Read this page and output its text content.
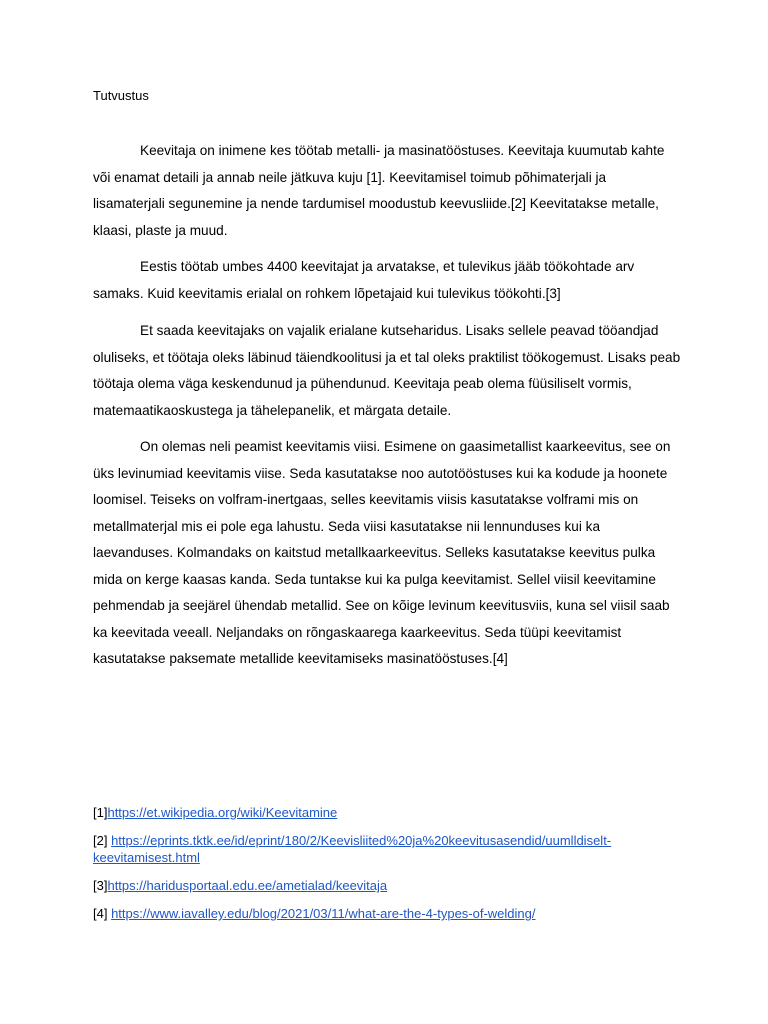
Tutvustus

Keevitaja on inimene kes töötab metalli- ja masinatööstuses. Keevitaja kuumutab kahte või enamat detaili ja annab neile jätkuva kuju [1]. Keevitamisel toimub põhimaterjali ja lisamaterjali segunemine ja nende tardumisel moodustub keevusliide.[2] Keevitatakse metalle, klaasi, plaste ja muud.

Eestis töötab umbes 4400 keevitajat ja arvatakse, et tulevikus jääb töökohtade arv samaks. Kuid keevitamis erialal on rohkem lõpetajaid kui tulevikus töökohti.[3]

Et saada keevitajaks on vajalik erialane kutseharidus. Lisaks sellele peavad tööandjad oluliseks, et töötaja oleks läbinud täiendkoolitusi ja et tal oleks praktilist töökogemust. Lisaks peab töötaja olema väga keskendunud ja pühendunud. Keevitaja peab olema füüsiliselt vormis, matemaatikaoskustega ja tähelepanelik, et märgata detaile.

On olemas neli peamist keevitamis viisi. Esimene on gaasimetallist kaarkeevitus, see on üks levinumiad keevitamis viise. Seda kasutatakse noo autotööstuses kui ka kodude ja hoonete loomisel. Teiseks on volfram-inertgaas, selles keevitamis viisis kasutatakse volframi mis on metallmaterjal mis ei pole ega lahustu. Seda viisi kasutatakse nii lennunduses kui ka laevanduses. Kolmandaks on kaitstud metallkaarkeevitus. Selleks kasutatakse keevitus pulka mida on kerge kaasas kanda. Seda tuntakse kui ka pulga keevitamist. Sellel viisil keevitamine pehmendab ja seejärel ühendab metallid. See on kõige levinum keevitusviis, kuna sel viisil saab ka keevitada veeall. Neljandaks on rõngaskaarega kaarkeevitus. Seda tüüpi keevitamist kasutatakse paksemate metallide keevitamiseks masinatööstuses.[4]

[1]https://et.wikipedia.org/wiki/Keevitamine
[2] https://eprints.tktk.ee/id/eprint/180/2/Keevisliited%20ja%20keevitusasendid/uumlldiselt-keevitamisest.html
[3]https://haridusportaal.edu.ee/ametialad/keevitaja
[4] https://www.iavalley.edu/blog/2021/03/11/what-are-the-4-types-of-welding/
